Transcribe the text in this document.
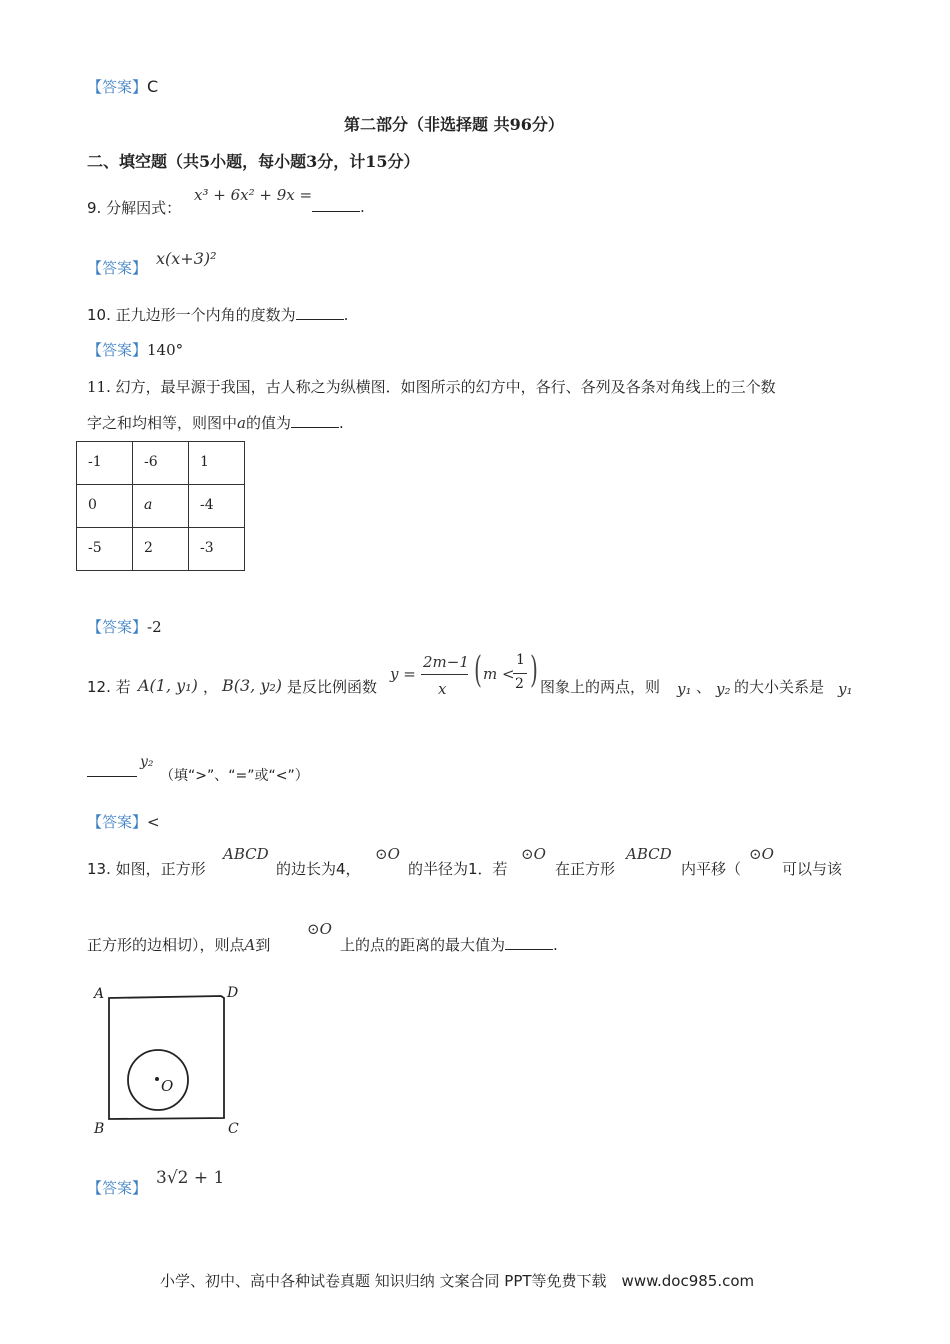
【答案】C
第二部分（非选择题 共96分）
二、填空题（共5小题，每小题3分，计15分）
9. 分解因式：
x³ + 6x² + 9x =
.
【答案】 x(x+3)²
10. 正九边形一个内角的度数为	.
【答案】140°
11. 幻方，最早源于我国，古人称之为纵横图．如图所示的幻方中，各行、各列及各条对角线上的三个数
字之和均相等，则图中a的值为	.
-1	-6	1
0	a	-4
-5	2	-3
【答案】-2
12. 若 A(1, y₁) ， B(3, y₂) 是反比例函数
y =
2m−1
x ( m <
1
2 ) 图象上的两点，则 y₁ 、 y₂ 的大小关系是 y₁
y₂
（填“>”、“=”或“<”）
【答案】<
13. 如图，正方形
ABCD
的边长为4，
⊙O
的半径为1．若
⊙O
在正方形
ABCD
内平移（
⊙O
可以与该
正方形的边相切），则点A到
⊙O
上的点的距离的最大值为	.
A	D
B	C
O
【答案】 3√2 + 1
小学、初中、高中各种试卷真题 知识归纳 文案合同 PPT等免费下载　www.doc985.com
